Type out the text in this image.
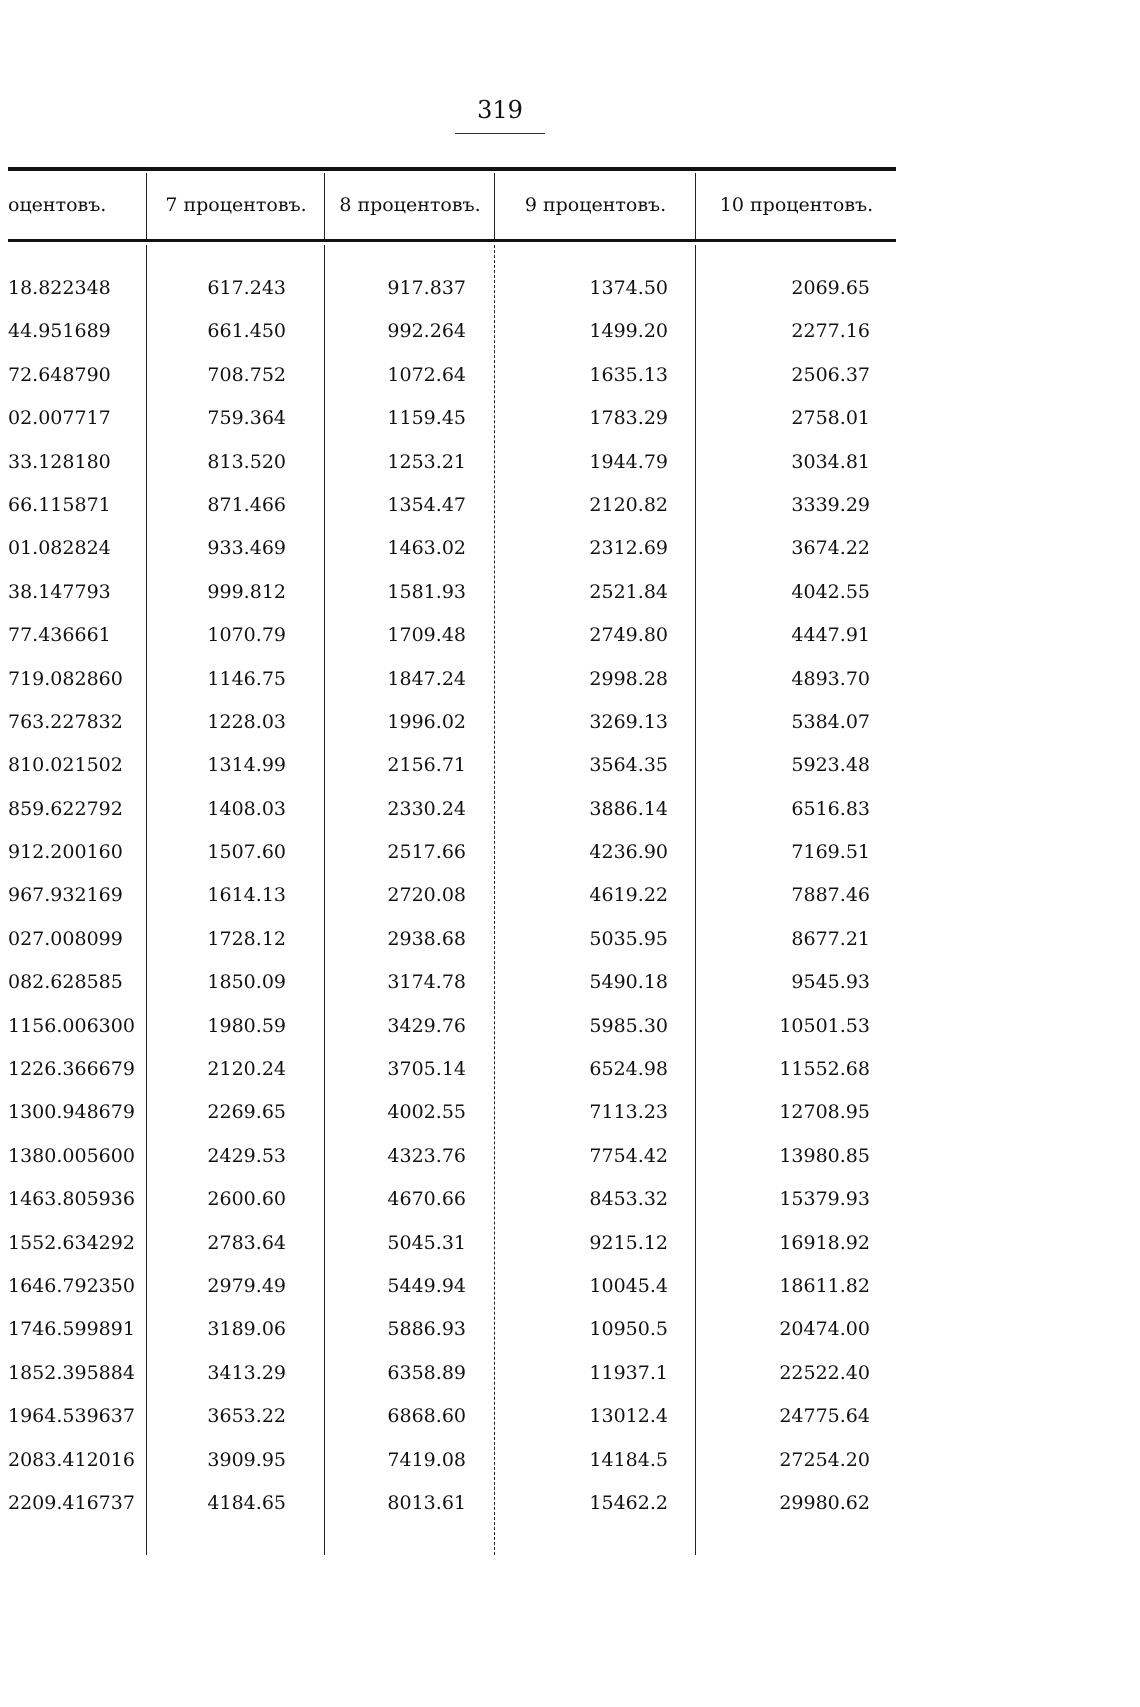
319
оцентовъ.	7 процентовъ.	8 процентовъ.	9 процентовъ.	10 процентовъ.
18.822348	617.243	917.837	1374.50	2069.65
44.951689	661.450	992.264	1499.20	2277.16
72.648790	708.752	1072.64	1635.13	2506.37
02.007717	759.364	1159.45	1783.29	2758.01
33.128180	813.520	1253.21	1944.79	3034.81
66.115871	871.466	1354.47	2120.82	3339.29
01.082824	933.469	1463.02	2312.69	3674.22
38.147793	999.812	1581.93	2521.84	4042.55
77.436661	1070.79	1709.48	2749.80	4447.91
719.082860	1146.75	1847.24	2998.28	4893.70
763.227832	1228.03	1996.02	3269.13	5384.07
810.021502	1314.99	2156.71	3564.35	5923.48
859.622792	1408.03	2330.24	3886.14	6516.83
912.200160	1507.60	2517.66	4236.90	7169.51
967.932169	1614.13	2720.08	4619.22	7887.46
027.008099	1728.12	2938.68	5035.95	8677.21
082.628585	1850.09	3174.78	5490.18	9545.93
1156.006300	1980.59	3429.76	5985.30	10501.53
1226.366679	2120.24	3705.14	6524.98	11552.68
1300.948679	2269.65	4002.55	7113.23	12708.95
1380.005600	2429.53	4323.76	7754.42	13980.85
1463.805936	2600.60	4670.66	8453.32	15379.93
1552.634292	2783.64	5045.31	9215.12	16918.92
1646.792350	2979.49	5449.94	10045.4	18611.82
1746.599891	3189.06	5886.93	10950.5	20474.00
1852.395884	3413.29	6358.89	11937.1	22522.40
1964.539637	3653.22	6868.60	13012.4	24775.64
2083.412016	3909.95	7419.08	14184.5	27254.20
2209.416737	4184.65	8013.61	15462.2	29980.62
